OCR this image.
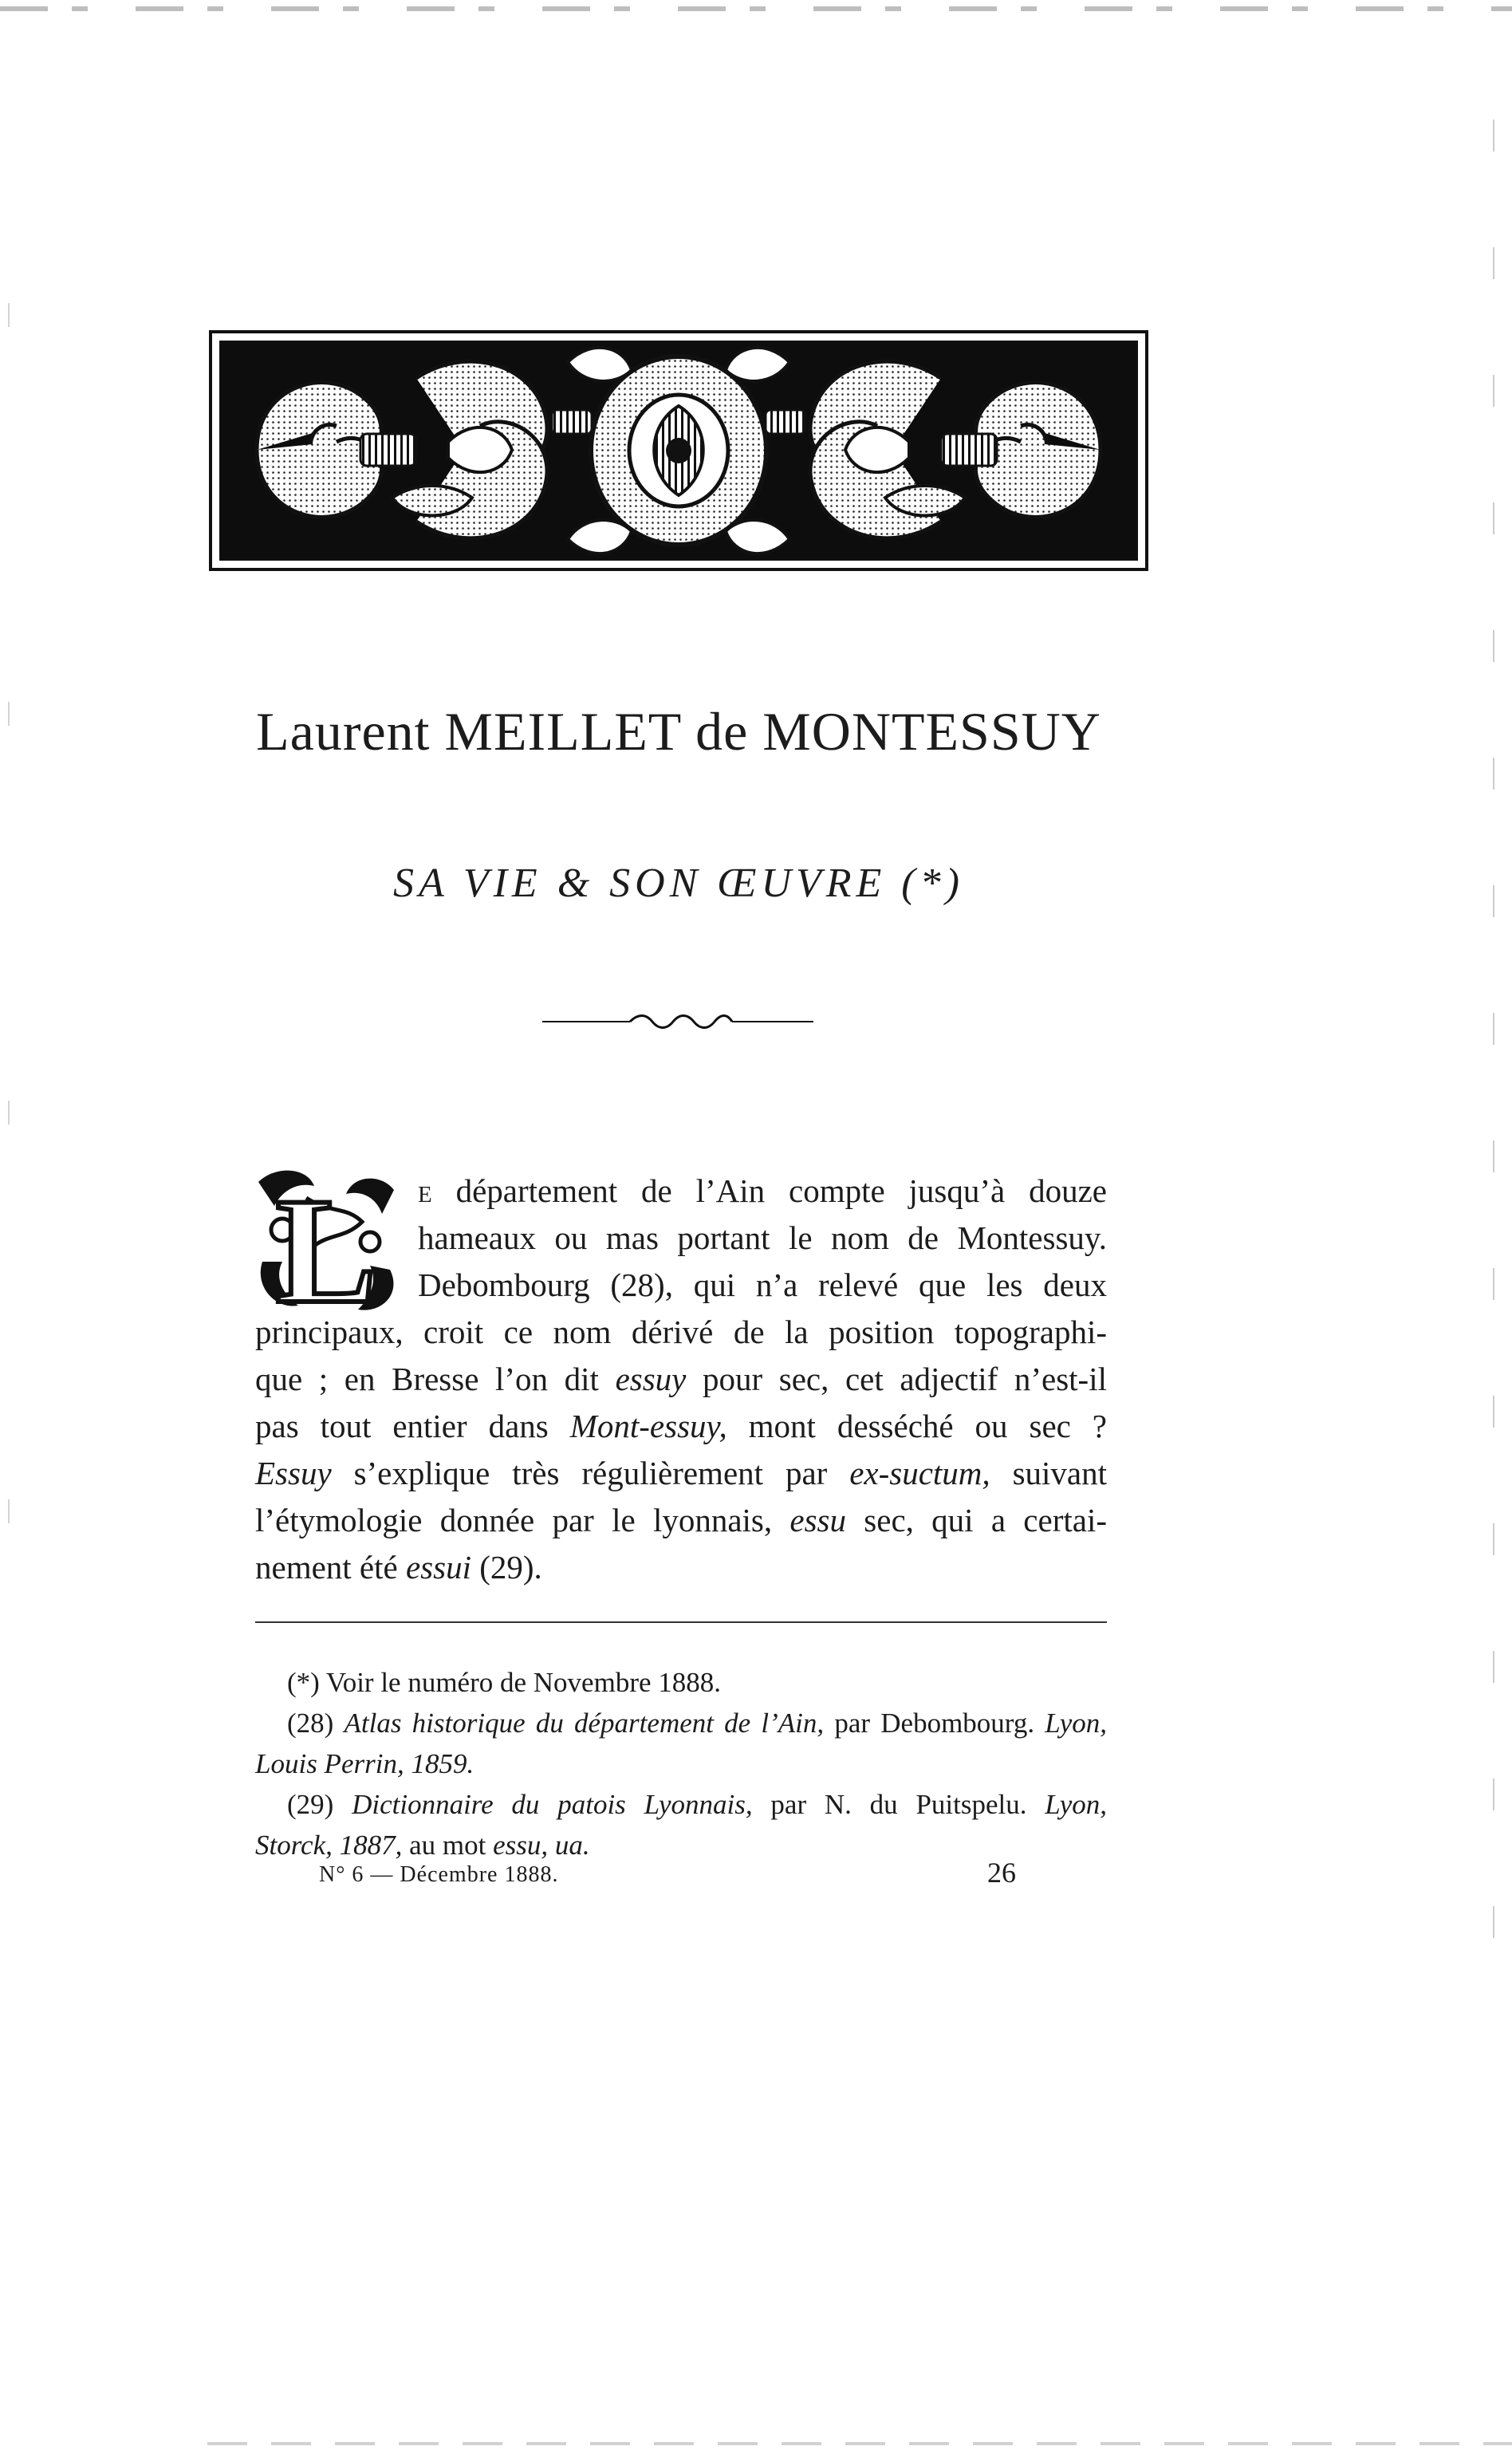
Laurent MEILLET de MONTESSUY
SA VIE & SON ŒUVRE (*)
L e département de l’Ain compte jusqu’à douze
hameaux ou mas portant le nom de Montessuy.
Debombourg (28), qui n’a relevé que les deux
principaux, croit ce nom dérivé de la position topographi-
que ; en Bresse l’on dit essuy pour sec, cet adjectif n’est-il
pas tout entier dans Mont-essuy, mont desséché ou sec ?
Essuy s’explique très régulièrement par ex-suctum, suivant
l’étymologie donnée par le lyonnais, essu sec, qui a certai-
nement été essui (29).
(*) Voir le numéro de Novembre 1888.
(28) Atlas historique du département de l’Ain, par Debombourg. Lyon,
Louis Perrin, 1859.
(29) Dictionnaire du patois Lyonnais, par N. du Puitspelu. Lyon,
Storck, 1887, au mot essu, ua.
N° 6 — Décembre 1888.	26
